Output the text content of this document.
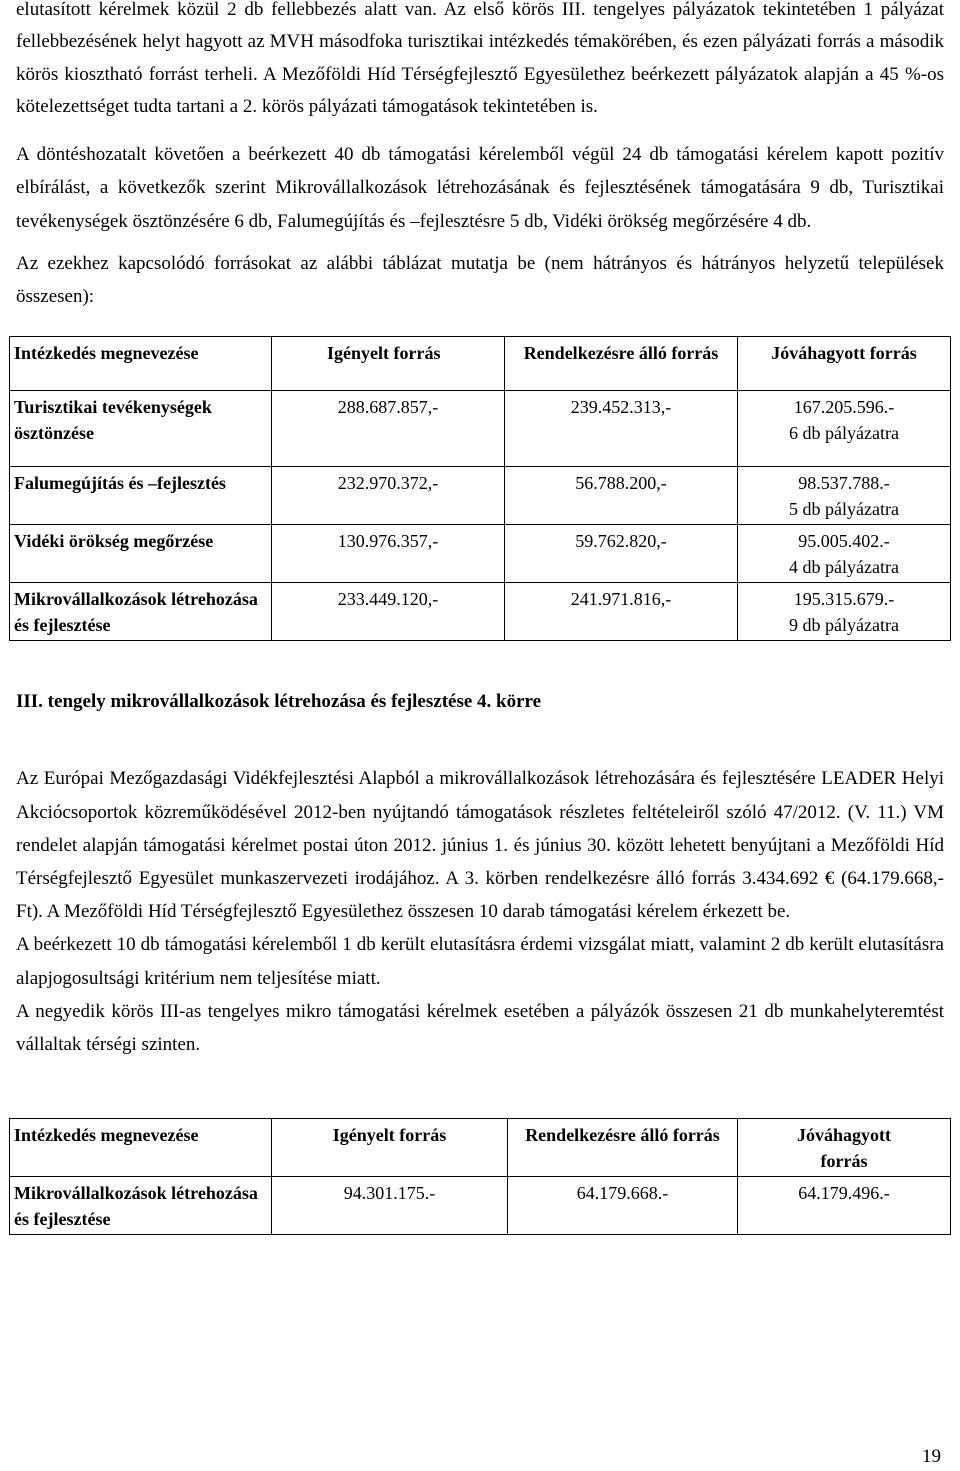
elutasított kérelmek közül 2 db fellebbezés alatt van. Az első körös III. tengelyes pályázatok tekintetében 1 pályázat fellebbezésének helyt hagyott az MVH másodfoka turisztikai intézkedés témakörében, és ezen pályázati forrás a második körös kiosztható forrást terheli. A Mezőföldi Híd Térségfejlesztő Egyesülethez beérkezett pályázatok alapján a 45 %-os kötelezettséget tudta tartani a 2. körös pályázati támogatások tekintetében is.

A döntéshozatalt követően a beérkezett 40 db támogatási kérelemből végül 24 db támogatási kérelem kapott pozitív elbírálást, a következők szerint Mikrovállalkozások létrehozásának és fejlesztésének támogatására 9 db, Turisztikai tevékenységek ösztönzésére 6 db, Falumegújítás és –fejlesztésre 5 db, Vidéki örökség megőrzésére 4 db.

Az ezekhez kapcsolódó forrásokat az alábbi táblázat mutatja be (nem hátrányos és hátrányos helyzetű települések összesen):

Intézkedés megnevezése	Igényelt forrás	Rendelkezésre álló forrás	Jóváhagyott forrás
Turisztikai tevékenységek ösztönzése	288.687.857,-	239.452.313,-	167.205.596.-
6 db pályázatra

Falumegújítás és –fejlesztés	232.970.372,-	56.788.200,-	98.537.788.-
5 db pályázatra

Vidéki örökség megőrzése	130.976.357,-	59.762.820,-	95.005.402.-
4 db pályázatra

Mikrovállalkozások létrehozása és fejlesztése	233.449.120,-	241.971.816,-	195.315.679.-
9 db pályázatra
III. tengely mikrovállalkozások létrehozása és fejlesztése 4. körre

Az Európai Mezőgazdasági Vidékfejlesztési Alapból a mikrovállalkozások létrehozására és fejlesztésére LEADER Helyi Akciócsoportok közreműködésével 2012-ben nyújtandó támogatások részletes feltételeiről szóló 47/2012. (V. 11.) VM rendelet alapján támogatási kérelmet postai úton 2012. június 1. és június 30. között lehetett benyújtani a Mezőföldi Híd Térségfejlesztő Egyesület munkaszervezeti irodájához. A 3. körben rendelkezésre álló forrás 3.434.692 € (64.179.668,- Ft). A Mezőföldi Híd Térségfejlesztő Egyesülethez összesen 10 darab támogatási kérelem érkezett be.

A beérkezett 10 db támogatási kérelemből 1 db került elutasításra érdemi vizsgálat miatt, valamint 2 db került elutasításra alapjogosultsági kritérium nem teljesítése miatt.

A negyedik körös III-as tengelyes mikro támogatási kérelmek esetében a pályázók összesen 21 db munkahelyteremtést vállaltak térségi szinten.

Intézkedés megnevezése	Igényelt forrás	Rendelkezésre álló forrás	Jóváhagyott forrás
Mikrovállalkozások létrehozása és fejlesztése	94.301.175.-	64.179.668.-	64.179.496.-
19
